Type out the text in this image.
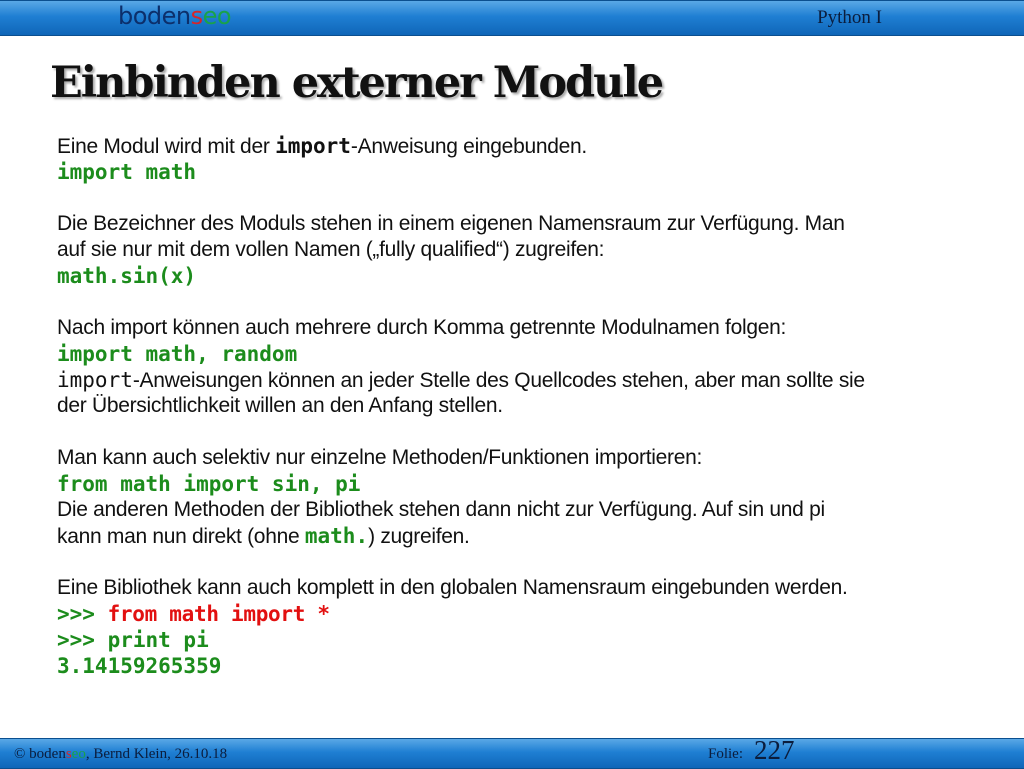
bodenseo	Python I
Einbinden externer Module
Eine Modul wird mit der import-Anweisung eingebunden.
import math
Die Bezeichner des Moduls stehen in einem eigenen Namensraum zur Verfügung. Man
auf sie nur mit dem vollen Namen („fully qualified“) zugreifen:
math.sin(x)
Nach import können auch mehrere durch Komma getrennte Modulnamen folgen:
import math, random
import-Anweisungen können an jeder Stelle des Quellcodes stehen, aber man sollte sie
der Übersichtlichkeit willen an den Anfang stellen.
Man kann auch selektiv nur einzelne Methoden/Funktionen importieren:
from math import sin, pi
Die anderen Methoden der Bibliothek stehen dann nicht zur Verfügung. Auf sin und pi
kann man nun direkt (ohne math.) zugreifen.
Eine Bibliothek kann auch komplett in den globalen Namensraum eingebunden werden.
>>> from math import *
>>> print pi
3.14159265359
© bodenseo, Bernd Klein, 26.10.18	Folie: 227
